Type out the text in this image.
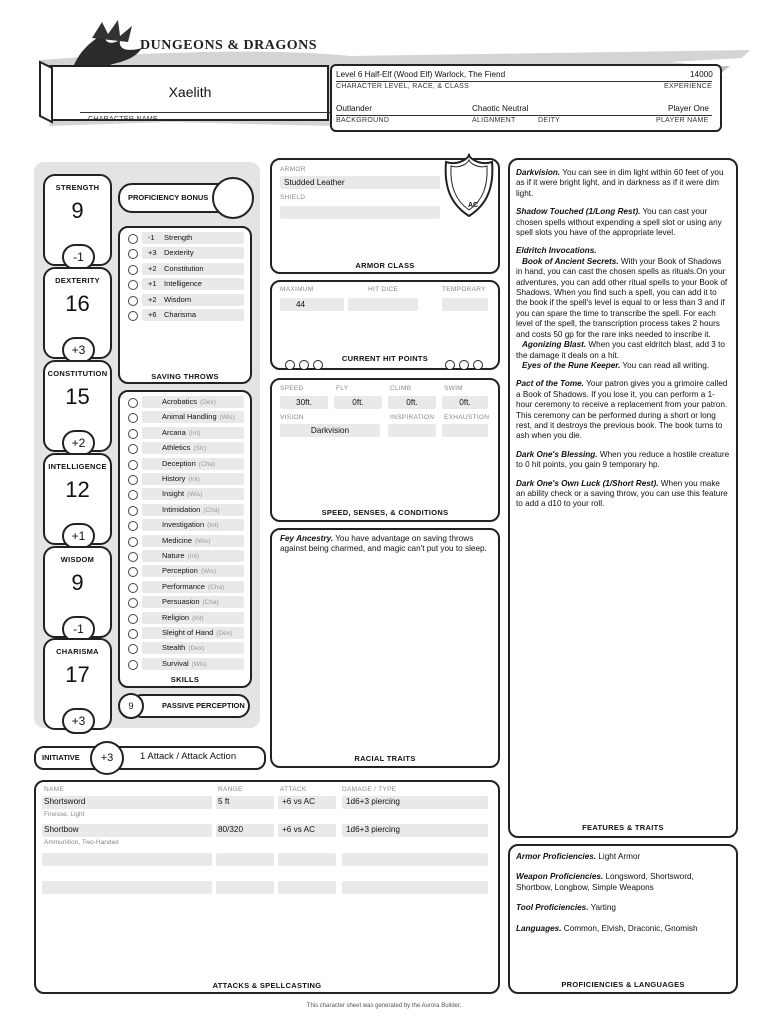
DUNGEONS & DRAGONS
Xaelith
CHARACTER NAME
Level 6 Half-Elf (Wood Elf) Warlock, The Fiend	14000
CHARACTER LEVEL, RACE, & CLASS	EXPERIENCE
Outlander	Chaotic Neutral	Player One
BACKGROUND	ALIGNMENT	DEITY	PLAYER NAME
STRENGTH
9
-1
DEXTERITY
16
+3
CONSTITUTION
15
+2
INTELLIGENCE
12
+1
WISDOM
9
-1
CHARISMA
17
+3
PROFICIENCY BONUS
-1	Strength
+3 Dexterity
+2 Constitution
+1 Intelligence
+2 Wisdom
+6 Charisma
SAVING THROWS
Acrobatics (Dex)
Animal Handling (Wis)
Arcana (Int)
Athletics (Str)
Deception (Cha)
History (Int)
Insight (Wis)
Intimidation (Cha)
Investigation (Int)
Medicine (Wis)
Nature (Int)
Perception (Wis)
Performance (Cha)
Persuasion (Cha)
Religion (Int)
Sleight of Hand (Dex)
Stealth (Dex)
Survival (Wis)
SKILLS
PASSIVE PERCEPTION
9
ARMOR
Studded Leather
SHIELD
AC
ARMOR CLASS
MAXIMUM	HIT DICE	TEMPORARY
44
CURRENT HIT POINTS
SPEED	FLY	CLIMB	SWIM
30ft.	0ft.	0ft.	0ft.
VISION	INSPIRATION EXHAUSTION
Darkvision
SPEED, SENSES, & CONDITIONS
Fey Ancestry. You have advantage on saving throws against being charmed, and magic can't put you to sleep.
RACIAL TRAITS
INITIATIVE	1 Attack / Attack Action
+3
NAME	RANGE	ATTACK	DAMAGE / TYPE
Shortsword	5 ft	+6 vs AC	1d6+3 piercing
Finesse, Light
Shortbow	80/320	+6 vs AC	1d6+3 piercing
Ammunition, Two-Handed
ATTACKS & SPELLCASTING

Darkvision. You can see in dim light within 60 feet of you as if it were bright light, and in darkness as if it were dim light.

Shadow Touched (1/Long Rest). You can cast your chosen spells without expending a spell slot or using any spell slots you have of the appropriate level.

Eldritch Invocations.

Book of Ancient Secrets. With your Book of Shadows in hand, you can cast the chosen spells as rituals.On your adventures, you can add other ritual spells to your Book of Shadows. When you find such a spell, you can add it to the book if the spell's level is equal to or less than 3 and if you can spare the time to transcribe the spell. For each level of the spell, the transcription process takes 2 hours and costs 50 gp for the rare inks needed to inscribe it.

Agonizing Blast. When you cast eldritch blast, add 3 to the damage it deals on a hit.

Eyes of the Rune Keeper. You can read all writing.

Pact of the Tome. Your patron gives you a grimoire called a Book of Shadows. If you lose it, you can perform a 1-hour ceremony to receive a replacement from your patron. This ceremony can be performed during a short or long rest, and it destroys the previous book. The book turns to ash when you die.

Dark One's Blessing. When you reduce a hostile creature to 0 hit points, you gain 9 temporary hp.

Dark One's Own Luck (1/Short Rest). When you make an ability check or a saving throw, you can use this feature to add a d10 to your roll.

FEATURES & TRAITS

Armor Proficiencies. Light Armor

Weapon Proficiencies. Longsword, Shortsword, Shortbow, Longbow, Simple Weapons

Tool Proficiencies. Yarting

Languages. Common, Elvish, Draconic, Gnomish

PROFICIENCIES & LANGUAGES
This character sheet was generated by the Aurora Builder.
